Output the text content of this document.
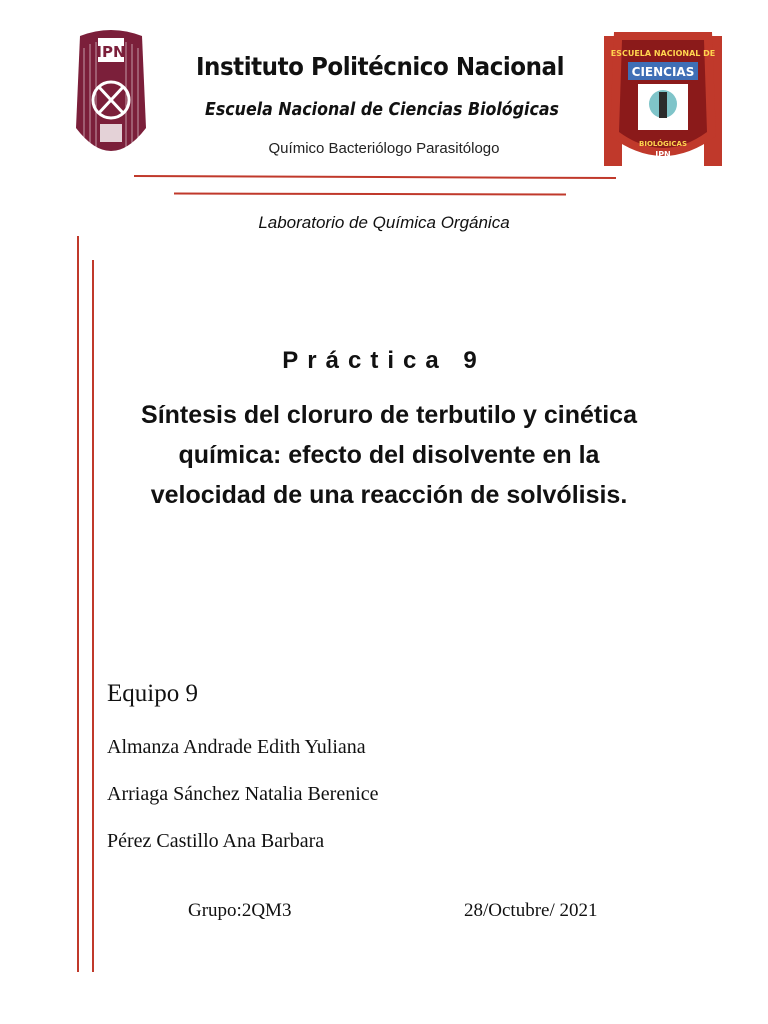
IPN	ESCUELA NACIONAL DE
CIENCIAS
BIOLÓGICAS
IPN
Instituto Politécnico Nacional
Escuela Nacional de Ciencias Biológicas
Químico Bacteriólogo Parasitólogo
Laboratorio de Química Orgánica
Práctica 9
Síntesis del cloruro de terbutilo y cinética
química: efecto del disolvente en la
velocidad de una reacción de solvólisis.
Equipo 9
Almanza Andrade Edith Yuliana
Arriaga Sánchez Natalia Berenice
Pérez Castillo Ana Barbara
Grupo:2QM3	28/Octubre/ 2021
